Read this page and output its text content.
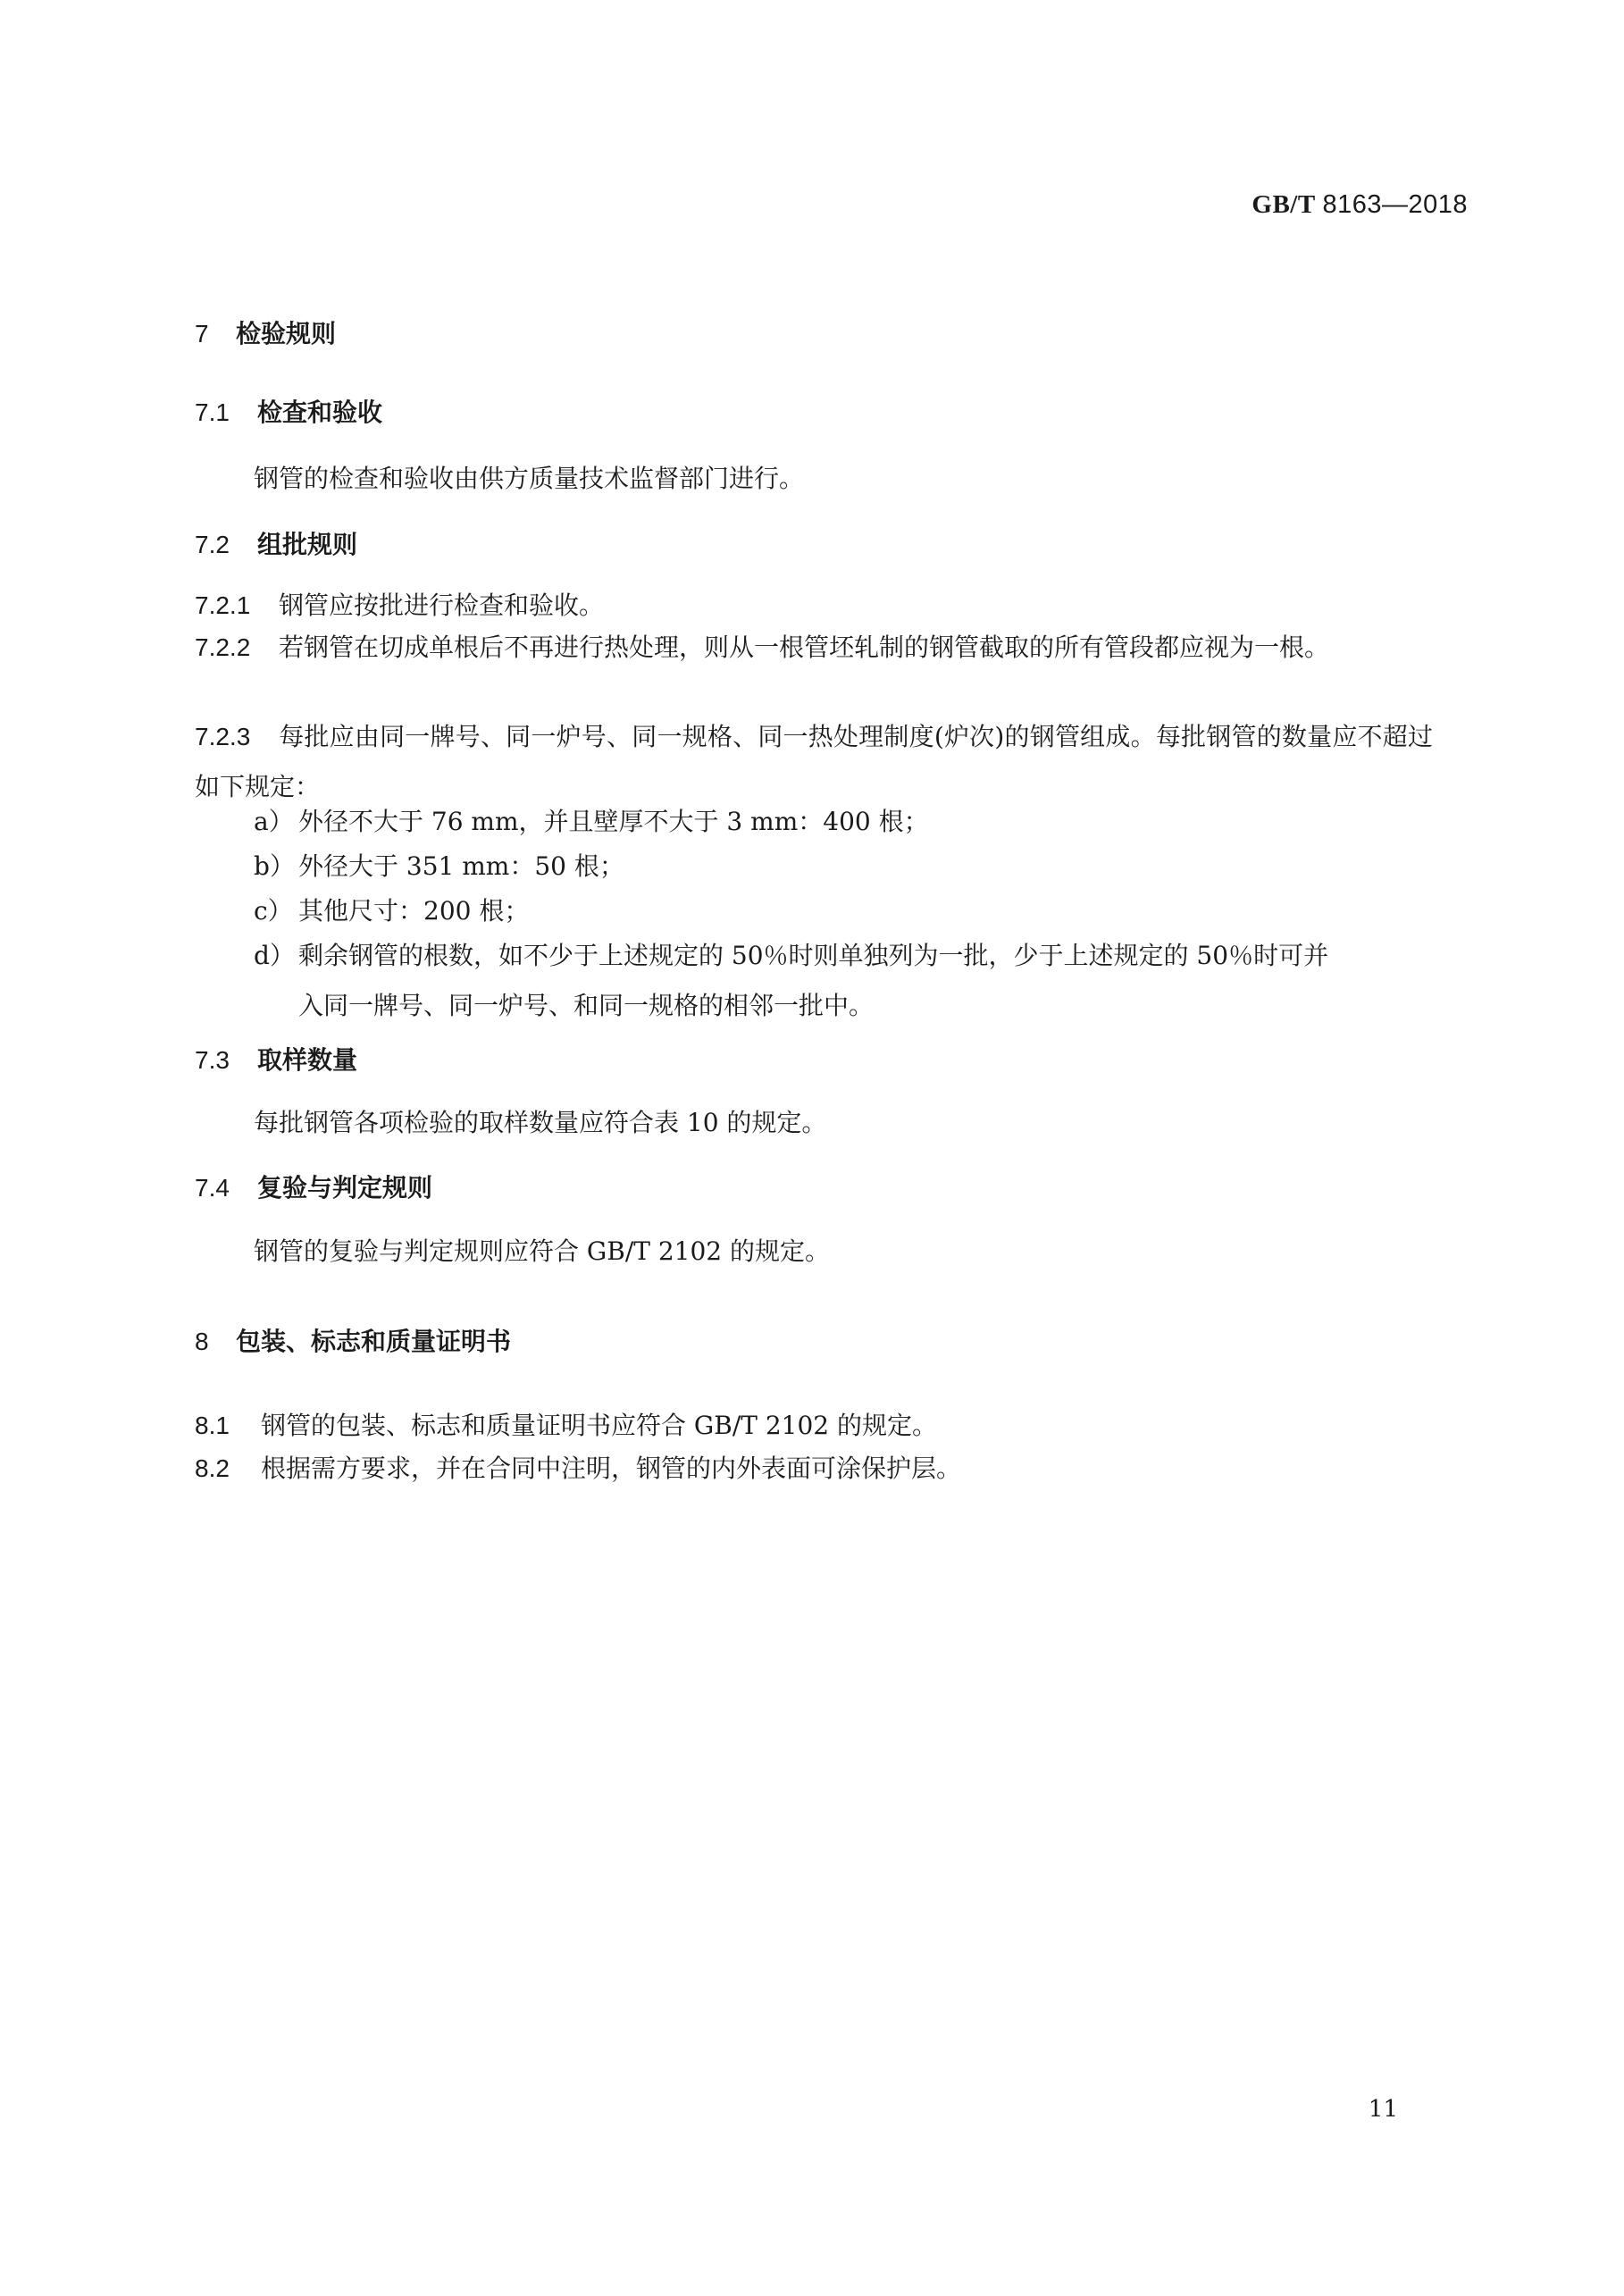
GB/T 8163—2018
7 检验规则
7.1 检查和验收
钢管的检查和验收由供方质量技术监督部门进行。
7.2 组批规则
7.2.1 钢管应按批进行检查和验收。
7.2.2 若钢管在切成单根后不再进行热处理，则从一根管坯轧制的钢管截取的所有管段都应视为一根。
7.2.3 每批应由同一牌号、同一炉号、同一规格、同一热处理制度(炉次)的钢管组成。每批钢管的数量应不超过如下规定：
a） 外径不大于 76 mm，并且壁厚不大于 3 mm：400 根；
b） 外径大于 351 mm：50 根；
c） 其他尺寸：200 根；
d） 剩余钢管的根数，如不少于上述规定的 50％时则单独列为一批，少于上述规定的 50％时可并
入同一牌号、同一炉号、和同一规格的相邻一批中。
7.3 取样数量
每批钢管各项检验的取样数量应符合表 10 的规定。
7.4 复验与判定规则
钢管的复验与判定规则应符合 GB/T 2102 的规定。
8 包装、标志和质量证明书
8.1 钢管的包装、标志和质量证明书应符合 GB/T 2102 的规定。
8.2 根据需方要求，并在合同中注明，钢管的内外表面可涂保护层。
11
